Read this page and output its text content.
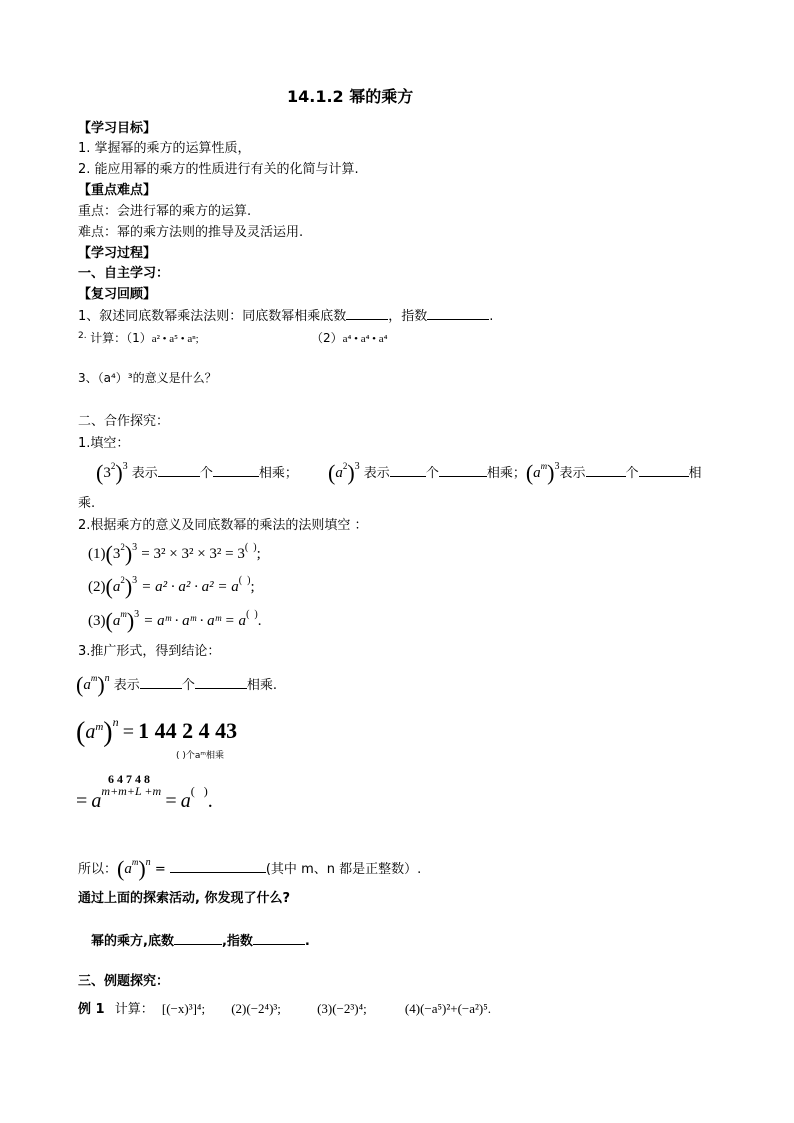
14.1.2 幂的乘方
【学习目标】
1. 掌握幂的乘方的运算性质，
2. 能应用幂的乘方的性质进行有关的化简与计算.
【重点难点】
重点：会进行幂的乘方的运算.
难点：幂的乘方法则的推导及灵活运用.
【学习过程】
一、自主学习：
【复习回顾】
1、叙述同底数幂乘法法则：同底数幂相乘底数	，指数	.
$^{2.}$ 计算：（1）a² • a⁵ • aⁿ;	（2）a⁴ • a⁴ • a⁴
3、（a⁴）³的意义是什么？
二、合作探究：
1.填空：
$(3^2)^3$ 表示	个	相乘； $(a^2)^3$ 表示	个	相乘；$(a^m)^3$表示	个	相
乘.
2.根据乘方的意义及同底数幂的乘法的法则填空 ：
$(1)(3^2)^3 = 3^2 \times 3^2 \times 3^2 = 3^{( )}$;
$(2)(a^2)^3 = a^2 \cdot a^2 \cdot a^2 = a^{( )}$;
$(3)(a^m)^3$ = aᵐ · aᵐ · aᵐ = a(  ).
3.推广形式，得到结论：
$(a^m)^n$ 表示	个	相乘.
$(a^m)n = 1$ 44 2 4 43
( )个aᵐ相乘
6 4 7 4 8
= am+m+L +m = a(   ).
所以：$(a^m)^n$ =	(其中 m、n 都是正整数）.
通过上面的探索活动, 你发现了什么?
幂的乘方,底数	,指数	.
三、例题探究：
例 1 计算： [(−x)³]⁴; (2)(−2⁴)³;	(3)(−2³)⁴;	(4)(−a⁵)²+(−a²)⁵.
